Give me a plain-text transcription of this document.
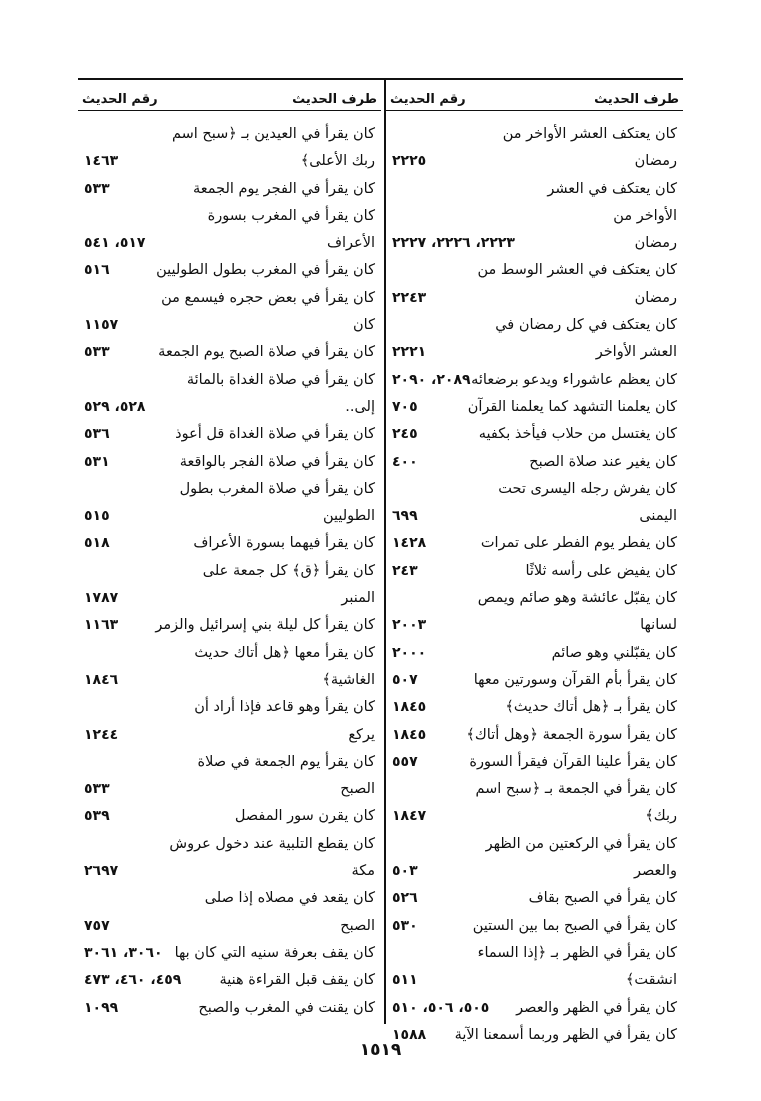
طرف الحديث
رقم الحديث
كان يعتكف العشر الأواخر من
رمضان
٢٢٢٥
كان يعتكف في العشر الأواخر من
رمضان
٢٢٢٣، ٢٢٢٦، ٢٢٢٧
كان يعتكف في العشر الوسط من
رمضان
٢٢٤٣
كان يعتكف في كل رمضان في
العشر الأواخر
٢٢٢١
كان يعظم عاشوراء ويدعو برضعائه
٢٠٨٩، ٢٠٩٠
كان يعلمنا التشهد كما يعلمنا القرآن
٧٠٥
كان يغتسل من حلاب فيأخذ بكفيه
٢٤٥
كان يغير عند صلاة الصبح
٤٠٠
كان يفرش رجله اليسرى تحت
اليمنى
٦٩٩
كان يفطر يوم الفطر على تمرات
١٤٢٨
كان يفيض على رأسه ثلاثًا
٢٤٣
كان يقبّل عائشة وهو صائم ويمص
لسانها
٢٠٠٣
كان يقبّلني وهو صائم
٢٠٠٠
كان يقرأ بأم القرآن وسورتين معها
٥٠٧
كان يقرأ بـ ﴿هل أتاك حديث﴾
١٨٤٥
كان يقرأ سورة الجمعة ﴿وهل أتاك﴾
١٨٤٥
كان يقرأ علينا القرآن فيقرأ السورة
٥٥٧
كان يقرأ في الجمعة بـ ﴿سبح اسم
ربك﴾
١٨٤٧
كان يقرأ في الركعتين من الظهر
والعصر
٥٠٣
كان يقرأ في الصبح بقاف
٥٢٦
كان يقرأ في الصبح بما بين الستين
٥٣٠
كان يقرأ في الظهر بـ ﴿إذا السماء
انشقت﴾
٥١١
كان يقرأ في الظهر والعصر
٥٠٥، ٥٠٦، ٥١٠
كان يقرأ في الظهر وربما أسمعنا الآية
١٥٨٨
طرف الحديث
رقم الحديث
كان يقرأ في العيدين بـ ﴿سبح اسم
ربك الأعلى﴾
١٤٦٣
كان يقرأ في الفجر يوم الجمعة
٥٣٣
كان يقرأ في المغرب بسورة
الأعراف
٥١٧، ٥٤١
كان يقرأ في المغرب بطول الطوليين
٥١٦
كان يقرأ في بعض حجره فيسمع من
كان
١١٥٧
كان يقرأ في صلاة الصبح يوم الجمعة
٥٣٣
كان يقرأ في صلاة الغداة بالمائة
إلى..
٥٢٨، ٥٢٩
كان يقرأ في صلاة الغداة قل أعوذ
٥٣٦
كان يقرأ في صلاة الفجر بالواقعة
٥٣١
كان يقرأ في صلاة المغرب بطول
الطوليين
٥١٥
كان يقرأ فيهما بسورة الأعراف
٥١٨
كان يقرأ ﴿ق﴾ كل جمعة على
المنبر
١٧٨٧
كان يقرأ كل ليلة بني إسرائيل والزمر
١١٦٣
كان يقرأ معها ﴿هل أتاك حديث
الغاشية﴾
١٨٤٦
كان يقرأ وهو قاعد فإذا أراد أن
يركع
١٢٤٤
كان يقرأ يوم الجمعة في صلاة
الصبح
٥٣٣
كان يقرن سور المفصل
٥٣٩
كان يقطع التلبية عند دخول عروش
مكة
٢٦٩٧
كان يقعد في مصلاه إذا صلى
الصبح
٧٥٧
كان يقف بعرفة سنيه التي كان بها
٣٠٦٠، ٣٠٦١
كان يقف قبل القراءة هنية
٤٥٩، ٤٦٠، ٤٧٣
كان يقنت في المغرب والصبح
١٠٩٩
١٥١٩
